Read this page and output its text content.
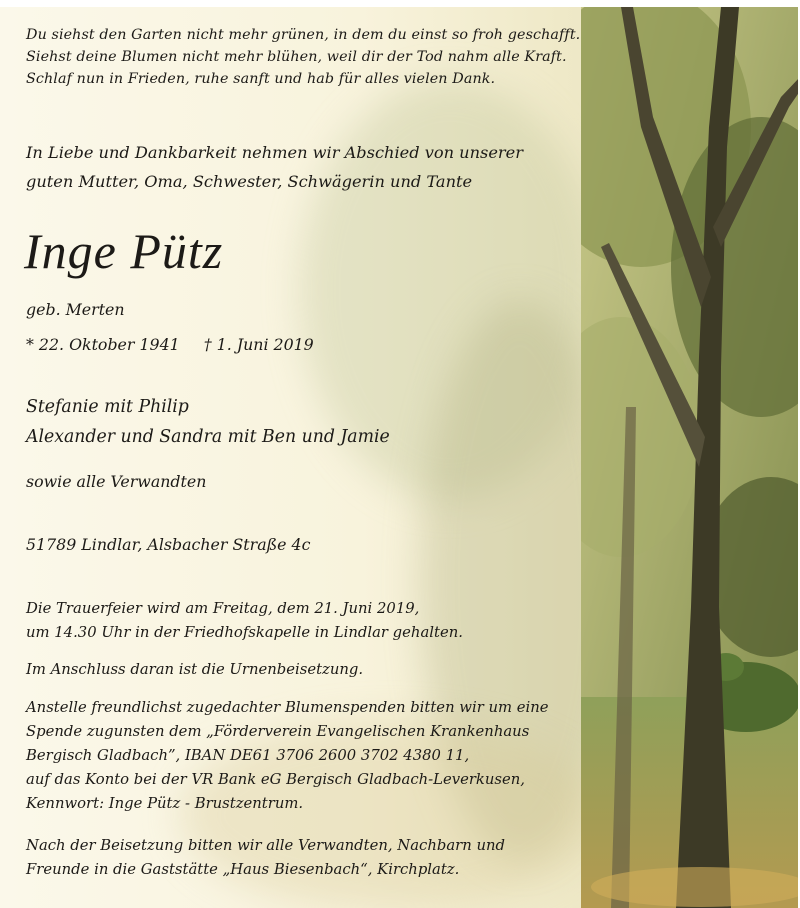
Du siehst den Garten nicht mehr grünen, in dem du einst so froh geschafft.
Siehst deine Blumen nicht mehr blühen, weil dir der Tod nahm alle Kraft.
Schlaf nun in Frieden, ruhe sanft und hab für alles vielen Dank.
In Liebe und Dankbarkeit nehmen wir Abschied von unserer
guten Mutter, Oma, Schwester, Schwägerin und Tante
Inge Pütz
geb. Merten
* 22. Oktober 1941 † 1. Juni 2019
Stefanie mit Philip
Alexander und Sandra mit Ben und Jamie
sowie alle Verwandten
51789 Lindlar, Alsbacher Straße 4c
Die Trauerfeier wird am Freitag, dem 21. Juni 2019,
um 14.30 Uhr in der Friedhofskapelle in Lindlar gehalten.
Im Anschluss daran ist die Urnenbeisetzung.
Anstelle freundlichst zugedachter Blumenspenden bitten wir um eine
Spende zugunsten dem „Förderverein Evangelischen Krankenhaus
Bergisch Gladbach”, IBAN DE61 3706 2600 3702 4380 11,
auf das Konto bei der VR Bank eG Bergisch Gladbach-Leverkusen,
Kennwort: Inge Pütz - Brustzentrum.
Nach der Beisetzung bitten wir alle Verwandten, Nachbarn und
Freunde in die Gaststätte „Haus Biesenbach“, Kirchplatz.
